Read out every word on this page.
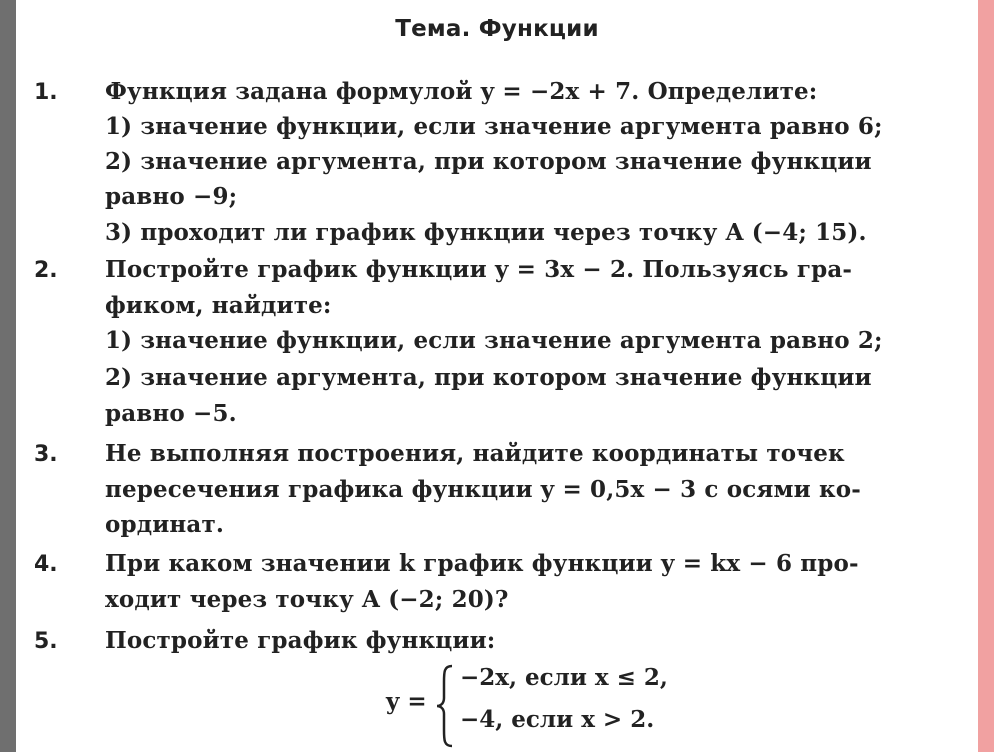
Тема. Функции
1. Функция задана формулой y = −2x + 7. Определите:
1) значение функции, если значение аргумента равно 6;
2) значение аргумента, при котором значение функции
равно −9;
3) проходит ли график функции через точку A (−4; 15).
2. Постройте график функции y = 3x − 2. Пользуясь гра-
фиком, найдите:
1) значение функции, если значение аргумента равно 2;
2) значение аргумента, при котором значение функции
равно −5.
3. Не выполняя построения, найдите координаты точек
пересечения графика функции y = 0,5x − 3 с осями ко-
ординат.
4. При каком значении k график функции y = kx − 6 про-
ходит через точку A (−2; 20)?
5. Постройте график функции:
y =
−2x, если x ≤ 2,
−4, если x > 2.
